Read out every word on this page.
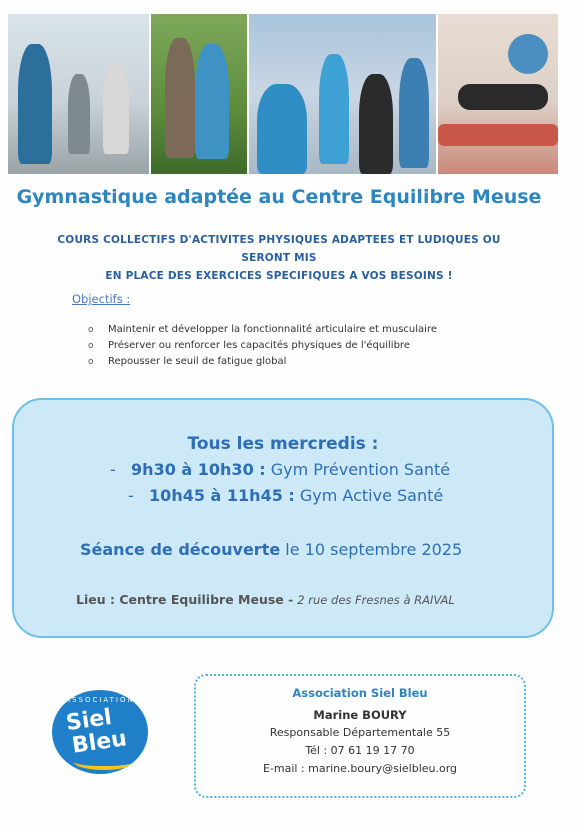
Gymnastique adaptée au Centre Equilibre Meuse
COURS COLLECTIFS D'ACTIVITES PHYSIQUES ADAPTEES ET LUDIQUES OU SERONT MIS
EN PLACE DES EXERCICES SPECIFIQUES A VOS BESOINS !
Objectifs :
o Maintenir et développer la fonctionnalité articulaire et musculaire
o Préserver ou renforcer les capacités physiques de l'équilibre
o Repousser le seuil de fatigue global
Tous les mercredis :
- 9h30 à 10h30 : Gym Prévention Santé
- 10h45 à 11h45 : Gym Active Santé
Séance de découverte le 10 septembre 2025
Lieu : Centre Equilibre Meuse - 2 rue des Fresnes à RAIVAL
ASSOCIATION
Siel
Bleu
Association Siel Bleu
Marine BOURY
Responsable Départementale 55
Tél : 07 61 19 17 70
E-mail : marine.boury@sielbleu.org
